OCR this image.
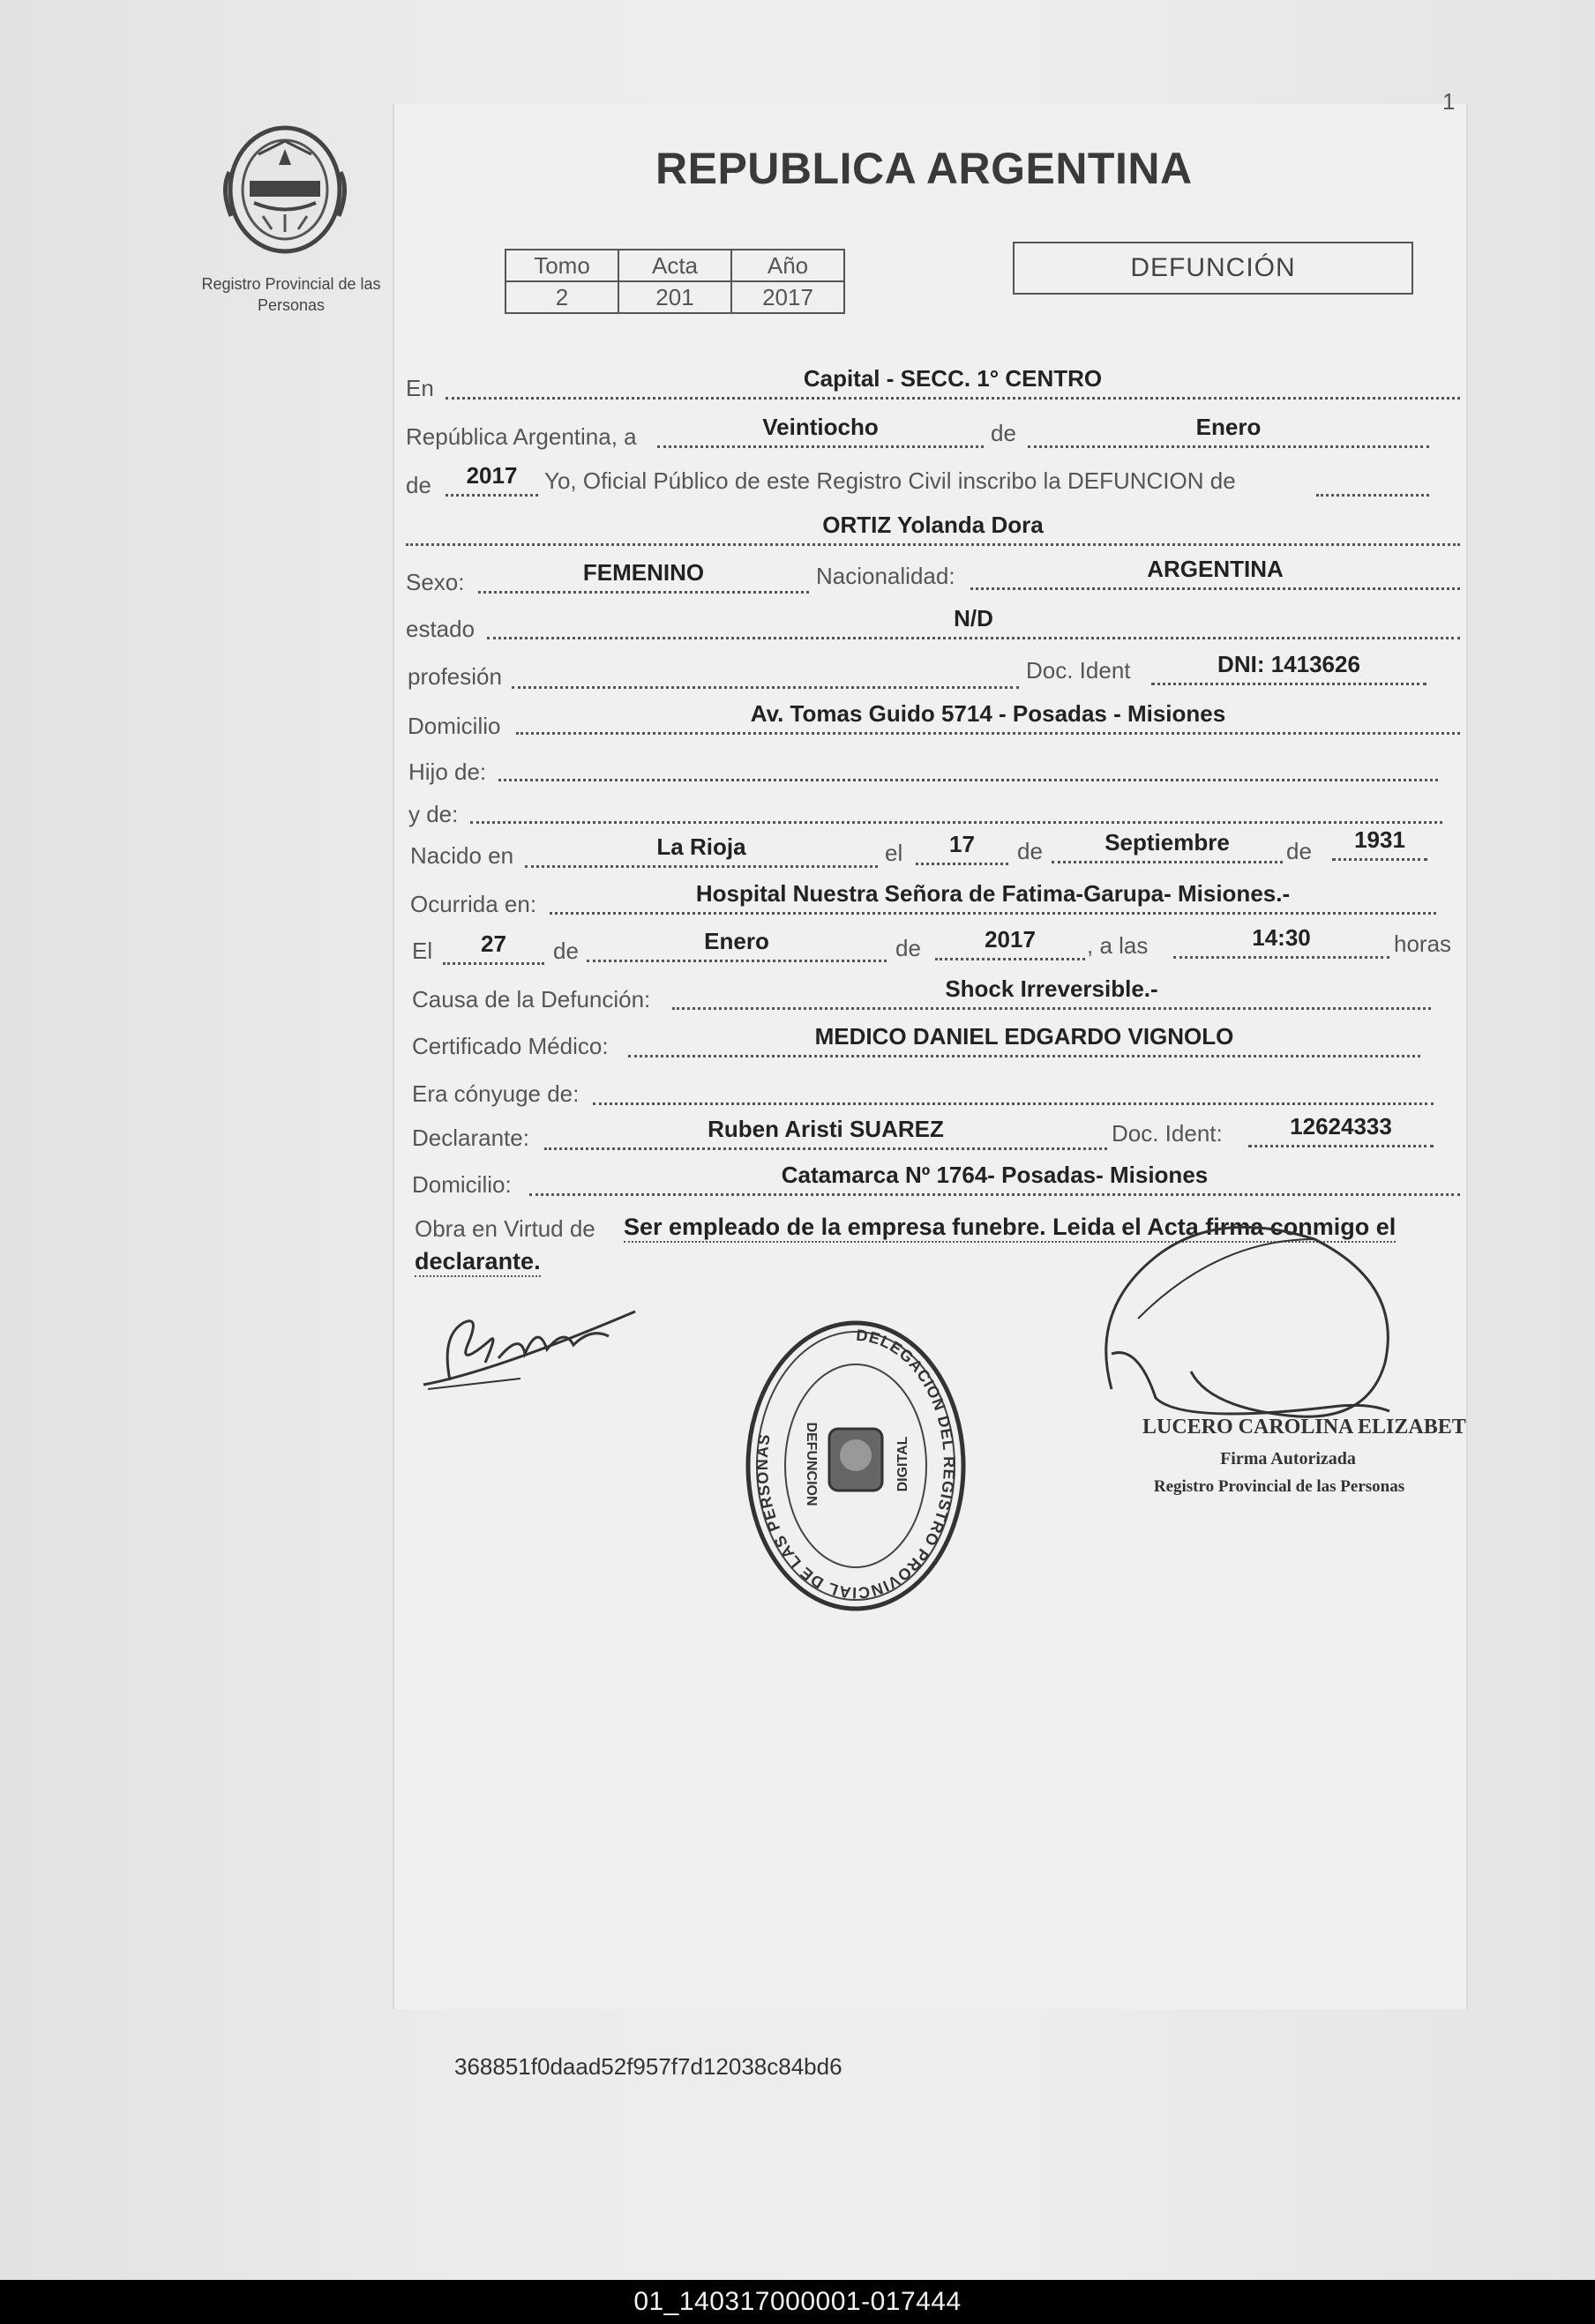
1
Registro Provincial de las Personas
REPUBLICA ARGENTINA
Tomo	Acta	Año
2	201	2017
DEFUNCIÓN
En	Capital - SECC. 1° CENTRO
República Argentina, a	Veintiocho	de	Enero
de	2017	Yo, Oficial Público de este Registro Civil inscribo la DEFUNCION de
ORTIZ Yolanda Dora
Sexo:	FEMENINO	Nacionalidad:	ARGENTINA
estado	N/D
profesión	Doc. Ident	DNI: 1413626
Domicilio	Av. Tomas Guido 5714 - Posadas - Misiones
Hijo de:
y de:
Nacido en	La Rioja	el	17	de	Septiembre	de	1931
Ocurrida en:	Hospital Nuestra Señora de Fatima-Garupa- Misiones.-
El	27	de	Enero	de	2017	, a las	14:30	horas
Causa de la Defunción:	Shock Irreversible.-
Certificado Médico:	MEDICO DANIEL EDGARDO VIGNOLO
Era cónyuge de:
Declarante:	Ruben Aristi SUAREZ	Doc. Ident:	12624333
Domicilio:	Catamarca Nº 1764- Posadas- Misiones
Obra en Virtud de Ser empleado de la empresa funebre. Leida el Acta firma conmigo el
declarante.
DELEGACION DEL REGISTRO PROVINCIAL DE LAS PERSONAS	DEFUNCION	DIGITAL
LUCERO CAROLINA ELIZABET
Firma Autorizada
Registro Provincial de las Personas
368851f0daad52f957f7d12038c84bd6
01_140317000001-017444
